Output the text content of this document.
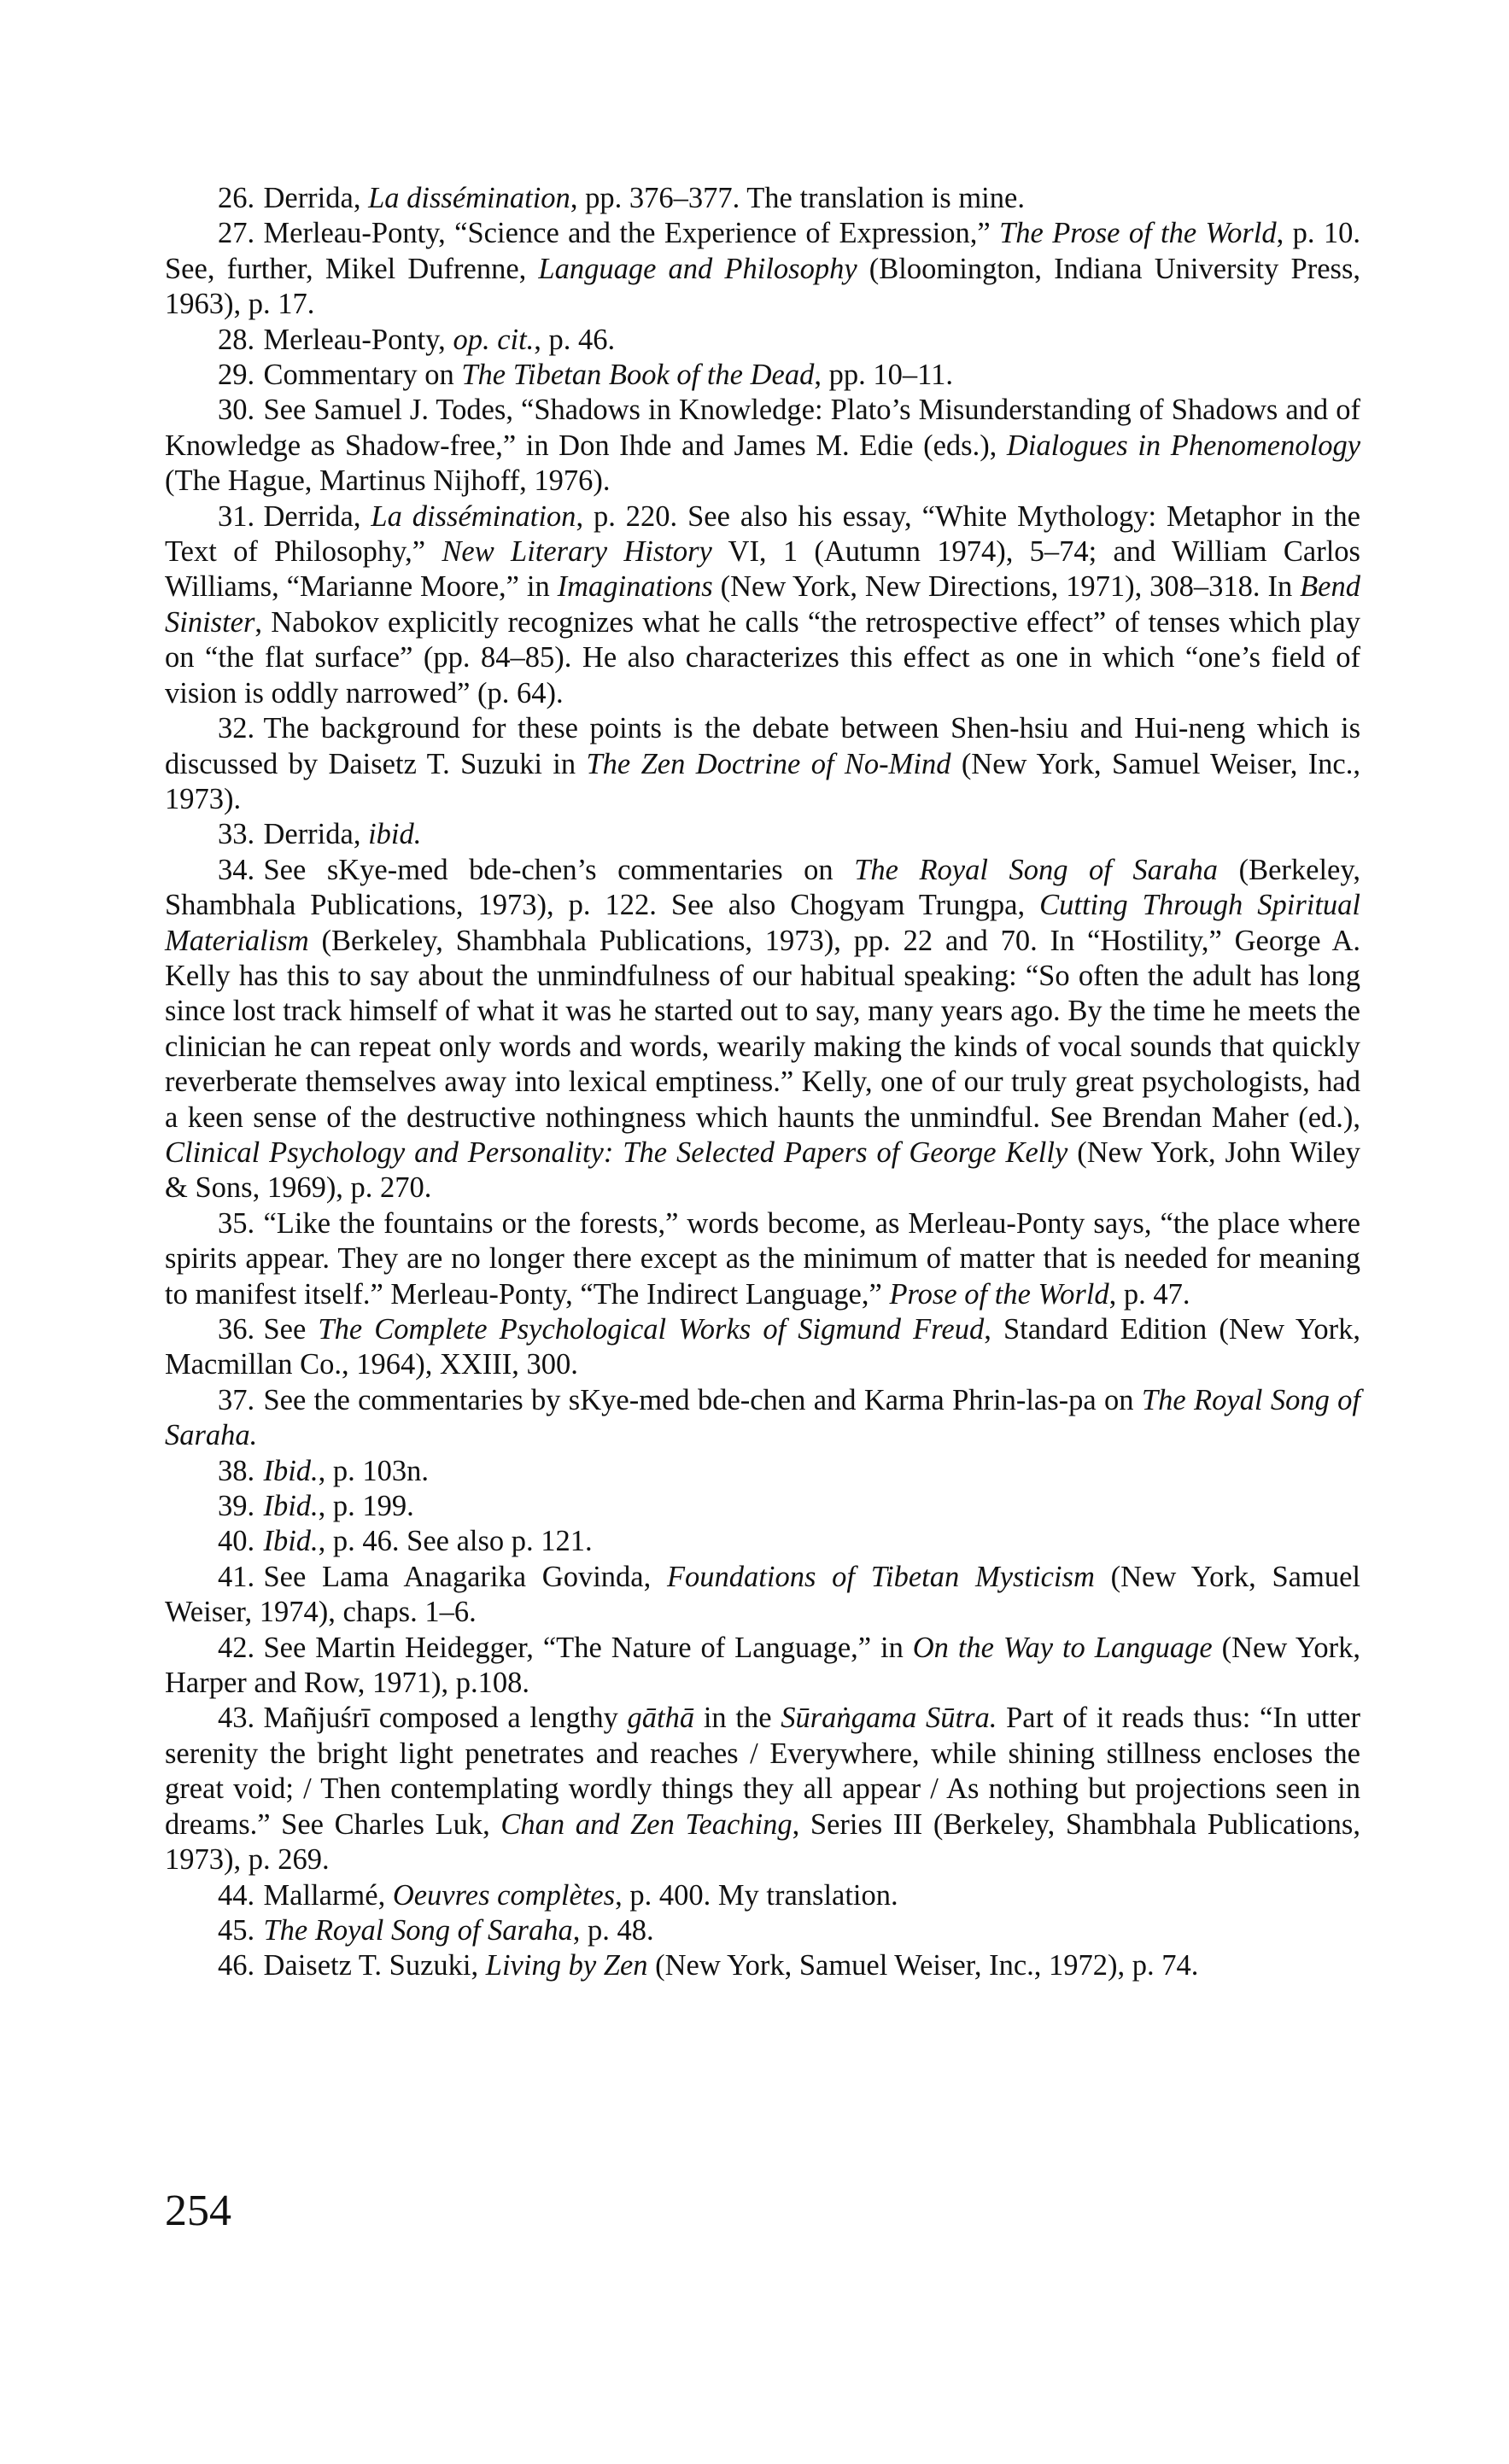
26. Derrida, La dissémination, pp. 376–377. The translation is mine.

27. Merleau-Ponty, “Science and the Experience of Expression,” The Prose of the World, p. 10. See, further, Mikel Dufrenne, Language and Philosophy (Bloomington, Indiana University Press, 1963), p. 17.

28. Merleau-Ponty, op. cit., p. 46.

29. Commentary on The Tibetan Book of the Dead, pp. 10–11.

30. See Samuel J. Todes, “Shadows in Knowledge: Plato’s Misunderstanding of Shadows and of Knowledge as Shadow-free,” in Don Ihde and James M. Edie (eds.), Dialogues in Phenomenology (The Hague, Martinus Nijhoff, 1976).

31. Derrida, La dissémination, p. 220. See also his essay, “White Mythology: Metaphor in the Text of Philosophy,” New Literary History VI, 1 (Autumn 1974), 5–74; and William Carlos Williams, “Marianne Moore,” in Imaginations (New York, New Directions, 1971), 308–318. In Bend Sinister, Nabokov explicitly recognizes what he calls “the retrospective effect” of tenses which play on “the flat surface” (pp. 84–85). He also characterizes this effect as one in which “one’s field of vision is oddly narrowed” (p. 64).

32. The background for these points is the debate between Shen-hsiu and Hui-neng which is discussed by Daisetz T. Suzuki in The Zen Doctrine of No-Mind (New York, Samuel Weiser, Inc., 1973).

33. Derrida, ibid.

34. See sKye-med bde-chen’s commentaries on The Royal Song of Saraha (Berkeley, Shambhala Publications, 1973), p. 122. See also Chogyam Trungpa, Cutting Through Spiritual Materialism (Berkeley, Shambhala Publications, 1973), pp. 22 and 70. In “Hostility,” George A. Kelly has this to say about the unmindfulness of our habitual speaking: “So often the adult has long since lost track himself of what it was he started out to say, many years ago. By the time he meets the clinician he can repeat only words and words, wearily making the kinds of vocal sounds that quickly reverberate themselves away into lexical emptiness.” Kelly, one of our truly great psychologists, had a keen sense of the destructive nothingness which haunts the unmindful. See Brendan Maher (ed.), Clinical Psychology and Personality: The Selected Papers of George Kelly (New York, John Wiley & Sons, 1969), p. 270.

35. “Like the fountains or the forests,” words become, as Merleau-Ponty says, “the place where spirits appear. They are no longer there except as the minimum of matter that is needed for meaning to manifest itself.” Merleau-Ponty, “The Indirect Language,” Prose of the World, p. 47.

36. See The Complete Psychological Works of Sigmund Freud, Standard Edition (New York, Macmillan Co., 1964), XXIII, 300.

37. See the commentaries by sKye-med bde-chen and Karma Phrin-las-pa on The Royal Song of Saraha.

38. Ibid., p. 103n.

39. Ibid., p. 199.

40. Ibid., p. 46. See also p. 121.

41. See Lama Anagarika Govinda, Foundations of Tibetan Mysticism (New York, Samuel Weiser, 1974), chaps. 1–6.

42. See Martin Heidegger, “The Nature of Language,” in On the Way to Language (New York, Harper and Row, 1971), p.108.

43. Mañjuśrī composed a lengthy gāthā in the Sūraṅgama Sūtra. Part of it reads thus: “In utter serenity the bright light penetrates and reaches / Everywhere, while shining stillness encloses the great void; / Then contemplating wordly things they all appear / As nothing but projections seen in dreams.” See Charles Luk, Chan and Zen Teaching, Series III (Berkeley, Shambhala Publications, 1973), p. 269.

44. Mallarmé, Oeuvres complètes, p. 400. My translation.

45. The Royal Song of Saraha, p. 48.

46. Daisetz T. Suzuki, Living by Zen (New York, Samuel Weiser, Inc., 1972), p. 74.

254
